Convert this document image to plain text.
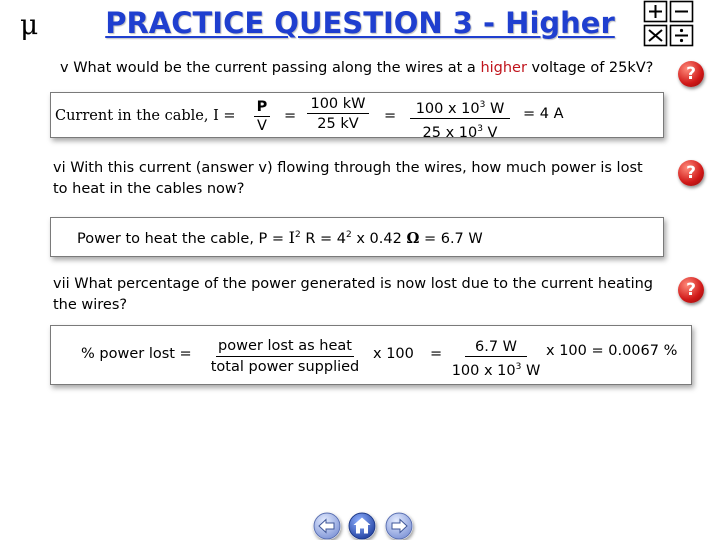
μ	PRACTICE QUESTION 3 - Higher
v What would be the current passing along the wires at a higher voltage of 25kV?	?
Current in the cable, $I = \frac{P}{V} = \frac{100 kW}{25 kV} = \frac{100 x 10^3 W}{25 x 10^3 V} = 4$ A
vi With this current (answer v) flowing through the wires, how much power is lost
to heat in the cables now?
?
Power to heat the cable, $P = I^2$ $R = 4^2$ x 0.42 Ω = 6.7 W
vii What percentage of the power generated is now lost due to the current heating
the wires?
?
% power lost =	power lost as heat
total power supplied
x $100 = \frac{6.7 W}{100 x 10^3 W}$ x 100 = 0.0067 %
